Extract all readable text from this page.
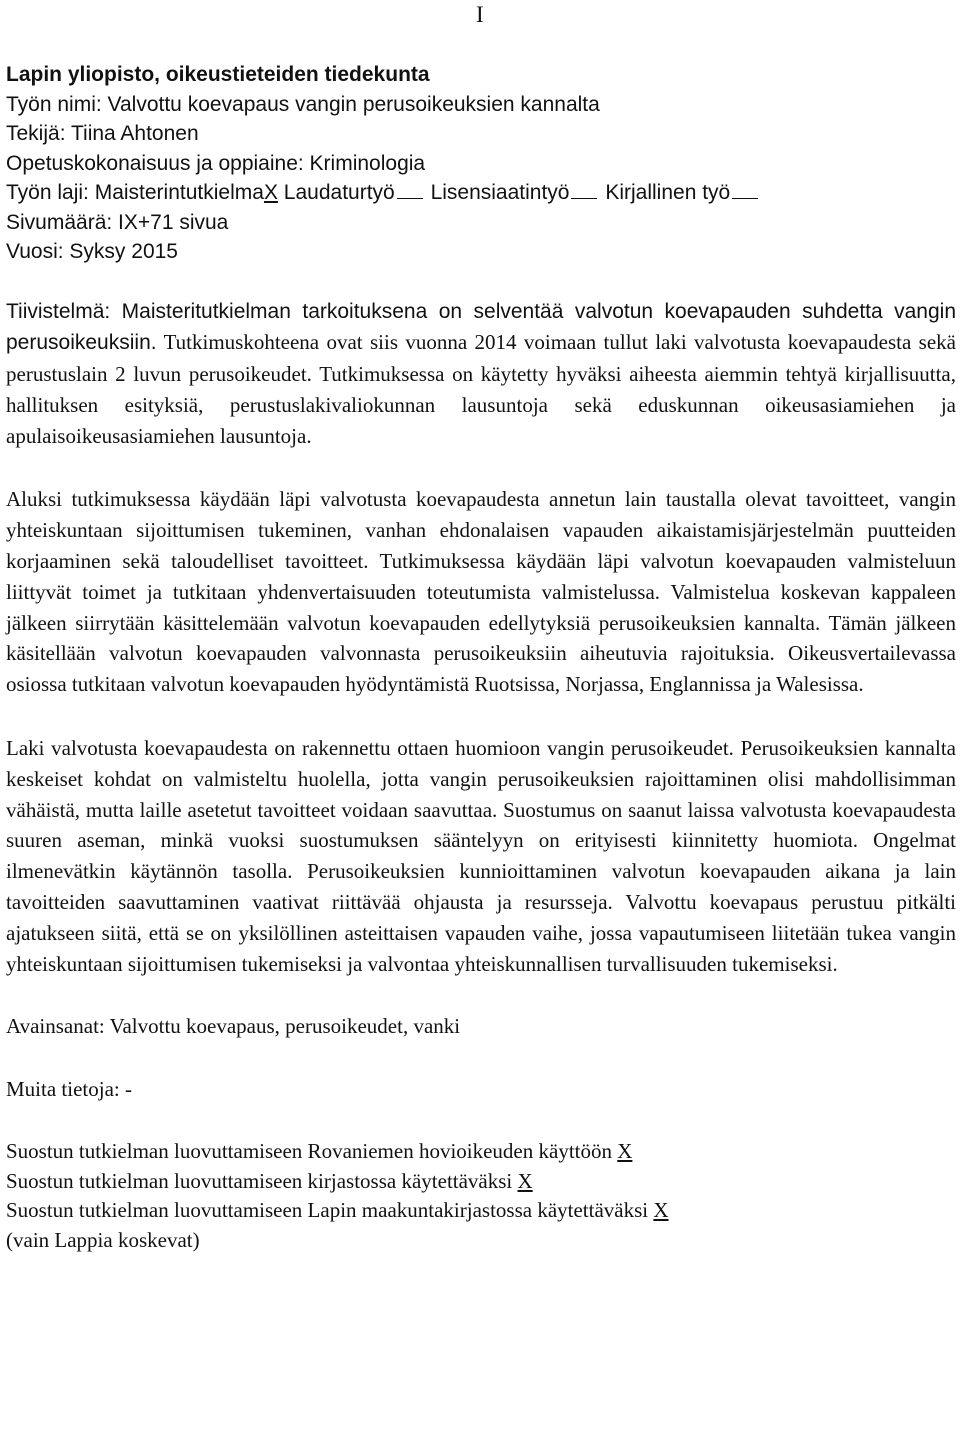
I
Lapin yliopisto, oikeustieteiden tiedekunta
Työn nimi: Valvottu koevapaus vangin perusoikeuksien kannalta
Tekijä: Tiina Ahtonen
Opetuskokonaisuus ja oppiaine: Kriminologia
Työn laji: MaisterintutkielmaX Laudaturtyö Lisensiaatintyö Kirjallinen työ
Sivumäärä: IX+71 sivua
Vuosi: Syksy 2015

Tiivistelmä: Maisteritutkielman tarkoituksena on selventää valvotun koevapauden suhdetta vangin perusoikeuksiin. Tutkimuskohteena ovat siis vuonna 2014 voimaan tullut laki valvotusta koevapaudesta sekä perustuslain 2 luvun perusoikeudet. Tutkimuksessa on käytetty hyväksi aiheesta aiemmin tehtyä kirjallisuutta, hallituksen esityksiä, perustuslakivaliokunnan lausuntoja sekä eduskunnan oikeusasiamiehen ja apulaisoikeusasiamiehen lausuntoja.

Aluksi tutkimuksessa käydään läpi valvotusta koevapaudesta annetun lain taustalla olevat tavoitteet, vangin yhteiskuntaan sijoittumisen tukeminen, vanhan ehdonalaisen vapauden aikaistamisjärjestelmän puutteiden korjaaminen sekä taloudelliset tavoitteet. Tutkimuksessa käydään läpi valvotun koevapauden valmisteluun liittyvät toimet ja tutkitaan yhdenvertaisuuden toteutumista valmistelussa. Valmistelua koskevan kappaleen jälkeen siirrytään käsittelemään valvotun koevapauden edellytyksiä perusoikeuksien kannalta. Tämän jälkeen käsitellään valvotun koevapauden valvonnasta perusoikeuksiin aiheutuvia rajoituksia. Oikeusvertailevassa osiossa tutkitaan valvotun koevapauden hyödyntämistä Ruotsissa, Norjassa, Englannissa ja Walesissa.

Laki valvotusta koevapaudesta on rakennettu ottaen huomioon vangin perusoikeudet. Perusoikeuksien kannalta keskeiset kohdat on valmisteltu huolella, jotta vangin perusoikeuksien rajoittaminen olisi mahdollisimman vähäistä, mutta laille asetetut tavoitteet voidaan saavuttaa. Suostumus on saanut laissa valvotusta koevapaudesta suuren aseman, minkä vuoksi suostumuksen sääntelyyn on erityisesti kiinnitetty huomiota. Ongelmat ilmenevätkin käytännön tasolla. Perusoikeuksien kunnioittaminen valvotun koevapauden aikana ja lain tavoitteiden saavuttaminen vaativat riittävää ohjausta ja resursseja. Valvottu koevapaus perustuu pitkälti ajatukseen siitä, että se on yksilöllinen asteittaisen vapauden vaihe, jossa vapautumiseen liitetään tukea vangin yhteiskuntaan sijoittumisen tukemiseksi ja valvontaa yhteiskunnallisen turvallisuuden tukemiseksi.

Avainsanat: Valvottu koevapaus, perusoikeudet, vanki
Muita tietoja: -
Suostun tutkielman luovuttamiseen Rovaniemen hovioikeuden käyttöön X
Suostun tutkielman luovuttamiseen kirjastossa käytettäväksi X
Suostun tutkielman luovuttamiseen Lapin maakuntakirjastossa käytettäväksi X
(vain Lappia koskevat)
